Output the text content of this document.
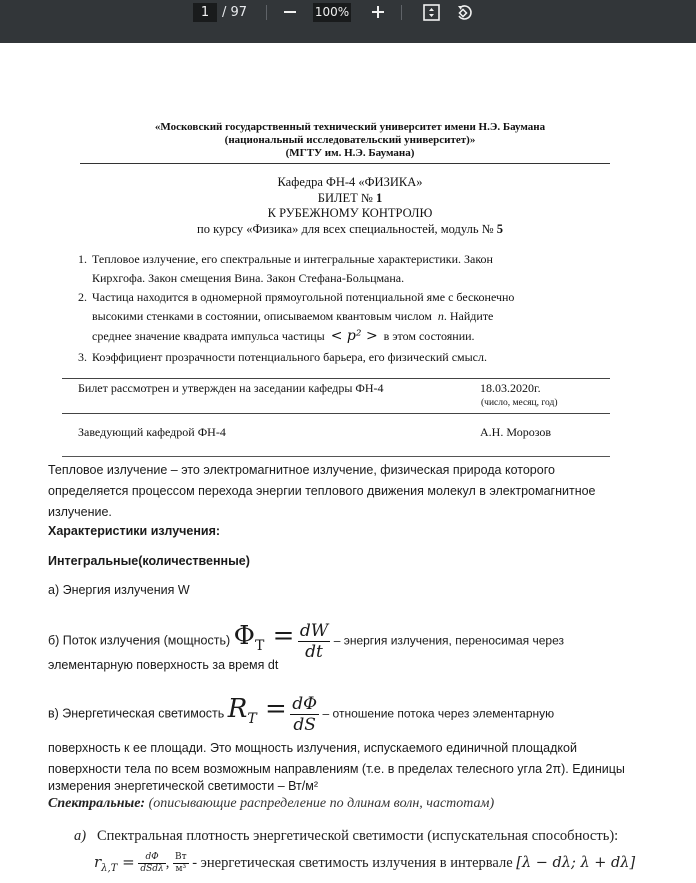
1 / 97	100%
«Московский государственный технический университет имени Н.Э. Баумана
(национальный исследовательский университет)»
(МГТУ им. Н.Э. Баумана)
Кафедра ФН-4 «ФИЗИКА»
БИЛЕТ № 1
К РУБЕЖНОМУ КОНТРОЛЮ
по курсу «Физика» для всех специальностей, модуль № 5
1. Тепловое излучение, его спектральные и интегральные характеристики. Закон
Кирхгофа. Закон смещения Вина. Закон Стефана-Больцмана.
2. Частица находится в одномерной прямоугольной потенциальной яме с бесконечно
высокими стенками в состоянии, описываемом квантовым числом n. Найдите
среднее значение квадрата импульса частицы < p² > в этом состоянии.
3. Коэффициент прозрачности потенциального барьера, его физический смысл.
Билет рассмотрен и утвержден на заседании кафедры ФН-4	18.03.2020г.
(число, месяц, год)
Заведующий кафедрой ФН-4	А.Н. Морозов
Тепловое излучение – это электромагнитное излучение, физическая природа которого
определяется процессом перехода энергии теплового движения молекул в электромагнитное
излучение.
Характеристики излучения:
Интегральные(количественные)
а) Энергия излучения W
б) Поток излучения (мощность) $\Phi_T = \frac{dW}{dt}$ – энергия излучения, переносимая через
элементарную поверхность за время dt
в) Энергетическая светимость $R_T = \frac{d\Phi}{dS}$ – отношение потока через элементарную
поверхность к ее площади. Это мощность излучения, испускаемого единичной площадкой
поверхности тела по всем возможным направлениям (т.е. в пределах телесного угла 2π). Единицы
измерения энергетической светимости – Вт/м²
Спектральные: (описывающие распределение по длинам волн, частотам)
а) Спектральная плотность энергетической светимости (испускательная способность):
$r_{\lambda,T} = \frac{d\Phi}{\text{dSdλ}}$ , $\frac{Вт}{\text{м³}}$ - энергетическая светимость излучения в интервале [λ − dλ; λ + dλ]
